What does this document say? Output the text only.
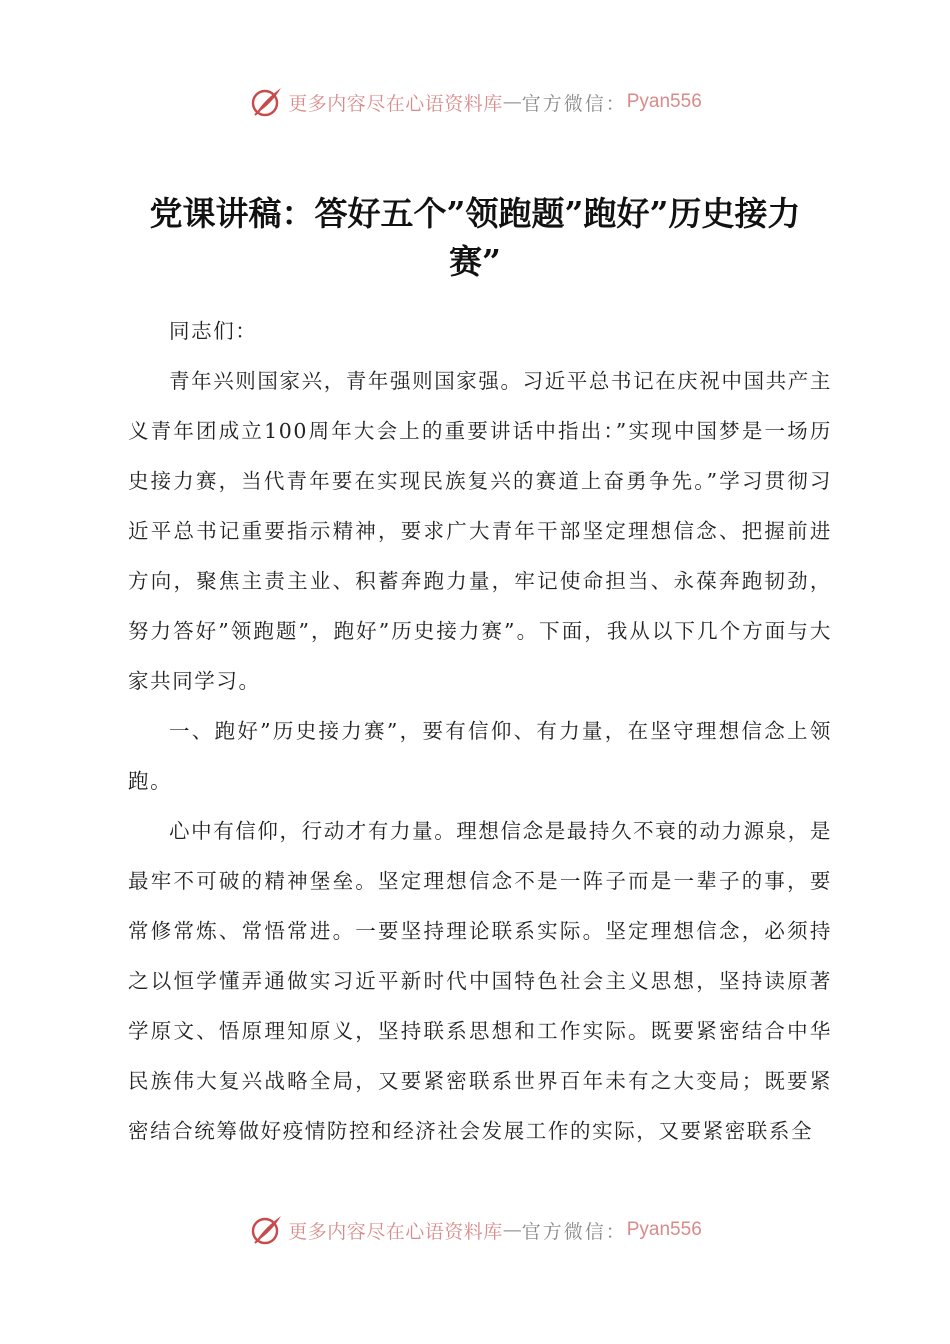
更多内容尽在心语资料库 — 官方微信： Pyan556
党课讲稿：答好五个”领跑题”跑好”历史接力赛”

同志们：

青年兴则国家兴，青年强则国家强。习近平总书记在庆祝中国共产主义青年团成立100周年大会上的重要讲话中指出：”实现中国梦是一场历史接力赛，当代青年要在实现民族复兴的赛道上奋勇争先。”学习贯彻习近平总书记重要指示精神，要求广大青年干部坚定理想信念、把握前进方向，聚焦主责主业、积蓄奔跑力量，牢记使命担当、永葆奔跑韧劲，努力答好”领跑题”，跑好”历史接力赛”。下面，我从以下几个方面与大家共同学习。

一、跑好”历史接力赛”，要有信仰、有力量，在坚守理想信念上领跑。

心中有信仰，行动才有力量。理想信念是最持久不衰的动力源泉，是最牢不可破的精神堡垒。坚定理想信念不是一阵子而是一辈子的事，要常修常炼、常悟常进。一要坚持理论联系实际。坚定理想信念，必须持之以恒学懂弄通做实习近平新时代中国特色社会主义思想，坚持读原著学原文、悟原理知原义，坚持联系思想和工作实际。既要紧密结合中华民族伟大复兴战略全局，又要紧密联系世界百年未有之大变局；既要紧密结合统筹做好疫情防控和经济社会发展工作的实际，又要紧密联系全

更多内容尽在心语资料库 — 官方微信： Pyan556
